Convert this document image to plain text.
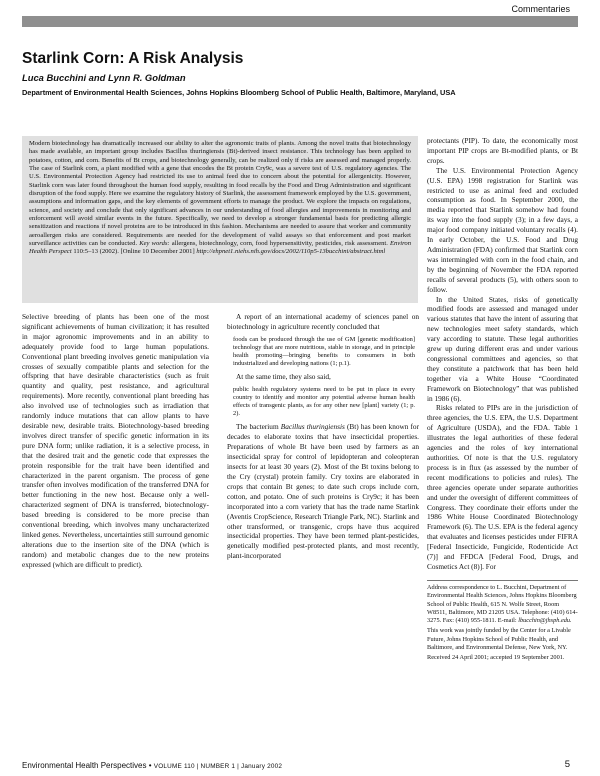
Commentaries
Starlink Corn: A Risk Analysis
Luca Bucchini and Lynn R. Goldman
Department of Environmental Health Sciences, Johns Hopkins Bloomberg School of Public Health, Baltimore, Maryland, USA
Modern biotechnology has dramatically increased our ability to alter the agronomic traits of plants. Among the novel traits that biotechnology has made available, an important group includes Bacillus thuringiensis (Bt)-derived insect resistance. This technology has been applied to potatoes, cotton, and corn. Benefits of Bt crops, and biotechnology generally, can be realized only if risks are assessed and managed properly. The case of Starlink corn, a plant modified with a gene that encodes the Bt protein Cry9c, was a severe test of U.S. regulatory agencies. The U.S. Environmental Protection Agency had restricted its use to animal feed due to concern about the potential for allergenicity. However, Starlink corn was later found throughout the human food supply, resulting in food recalls by the Food and Drug Administration and significant disruption of the food supply. Here we examine the regulatory history of Starlink, the assessment framework employed by the U.S. government, assumptions and information gaps, and the key elements of government efforts to manage the product. We explore the impacts on regulations, science, and society and conclude that only significant advances in our understanding of food allergies and improvements in monitoring and enforcement will avoid similar events in the future. Specifically, we need to develop a stronger fundamental basis for predicting allergic sensitization and reactions if novel proteins are to be introduced in this fashion. Mechanisms are needed to assure that worker and community aeroallergen risks are considered. Requirements are needed for the development of valid assays so that enforcement and post market surveillance activities can be conducted. Key words: allergens, biotechnology, corn, food hypersensitivity, pesticides, risk assessment. Environ Health Perspect 110:5–13 (2002). [Online 10 December 2001] http://ehpnet1.niehs.nih.gov/docs/2002/110p5-13bucchini/abstract.html

Selective breeding of plants has been one of the most significant achievements of human civilization; it has resulted in major agronomic improvements and in an ability to adequately provide food to large human populations. Conventional plant breeding involves genetic manipulation via crosses of sexually compatible plants and selection for the offspring that have desirable characteristics (such as fruit quantity and quality, pest resistance, and agricultural requirements). More recently, conventional plant breeding has also involved use of technologies such as irradiation that randomly induce mutations that can allow plants to have desirable new, desirable traits. Biotechnology-based breeding involves direct transfer of specific genetic information in its pure DNA form; unlike radiation, it is a selective process, in that the desired trait and the genetic code that expresses the protein responsible for the trait have been identified and characterized in the parent organism. The process of gene transfer often involves modification of the transferred DNA for better functioning in the new host. Because only a well-characterized segment of DNA is transferred, biotechnology-based breeding is considered to be more precise than conventional breeding, which involves many uncharacterized linked genes. Nevertheless, uncertainties still surround genomic alterations due to the insertion site of the DNA (which is random) and metabolic changes due to the new proteins expressed (which are difficult to predict).

A report of an international academy of sciences panel on biotechnology in agriculture recently concluded that

foods can be produced through the use of GM [genetic modification] technology that are more nutritious, stable in storage, and in principle health promoting—bringing benefits to consumers in both industrialized and developing nations (1; p.1).

At the same time, they also said,

public health regulatory systems need to be put in place in every country to identify and monitor any potential adverse human health effects of transgenic plants, as for any other new [plant] variety (1; p. 2).

The bacterium Bacillus thuringiensis (Bt) has been known for decades to elaborate toxins that have insecticidal properties. Preparations of whole Bt have been used by farmers as an insecticidal spray for control of lepidopteran and coleopteran insects for at least 30 years (2). Most of the Bt toxins belong to the Cry (crystal) protein family. Cry toxins are elaborated in crops that contain Bt genes; to date such crops include corn, cotton, and potato. One of such proteins is Cry9c; it has been incorporated into a corn variety that has the trade name Starlink (Aventis CropScience, Research Triangle Park, NC). Starlink and other transformed, or transgenic, crops have thus acquired insecticidal properties. They have been termed plant-pesticides, genetically modified pest-protected plants, and most recently, plant-incorporated

protectants (PIP). To date, the economically most important PIP crops are Bt-modified plants, or Bt crops.

The U.S. Environmental Protection Agency (U.S. EPA) 1998 registration for Starlink was restricted to use as animal feed and excluded consumption as food. In September 2000, the media reported that Starlink somehow had found its way into the food supply (3); in a few days, a major food company initiated voluntary recalls (4). In early October, the U.S. Food and Drug Administration (FDA) confirmed that Starlink corn was intermingled with corn in the food chain, and by the beginning of November the FDA reported recalls of several products (5), with others soon to follow.

In the United States, risks of genetically modified foods are assessed and managed under various statutes that have the intent of assuring that new technologies meet safety standards, which vary according to statute. These legal authorities grew up during different eras and under various congressional committees and agencies, so that they constitute a patchwork that has been held together via a White House “Coordinated Framework on Biotechnology” that was published in 1986 (6).

Risks related to PIPs are in the jurisdiction of three agencies, the U.S. EPA, the U.S. Department of Agriculture (USDA), and the FDA. Table 1 illustrates the legal authorities of these federal agencies and the roles of key international authorities. Of note is that the U.S. regulatory process is in flux (as assessed by the number of recent modifications to policies and rules). The three agencies operate under separate authorities and under the oversight of different committees of Congress. They coordinate their efforts under the 1986 White House Coordinated Biotechnology Framework (6). The U.S. EPA is the federal agency that evaluates and licenses pesticides under FIFRA [Federal Insecticide, Fungicide, Rodenticide Act (7)] and FFDCA [Federal Food, Drugs, and Cosmetics Act (8)]. For

Address correspondence to L. Bucchini, Department of Environmental Health Sciences, Johns Hopkins Bloomberg School of Public Health, 615 N. Wolfe Street, Room W8511, Baltimore, MD 21205 USA. Telephone: (410) 614-3275. Fax: (410) 955-1811. E-mail: lbucchin@jhsph.edu.

This work was jointly funded by the Center for a Livable Future, Johns Hopkins School of Public Health, and Baltimore, and Environmental Defense, New York, NY.

Received 24 April 2001; accepted 19 September 2001.

Environmental Health Perspectives • VOLUME 110 | NUMBER 1 | January 2002	5
